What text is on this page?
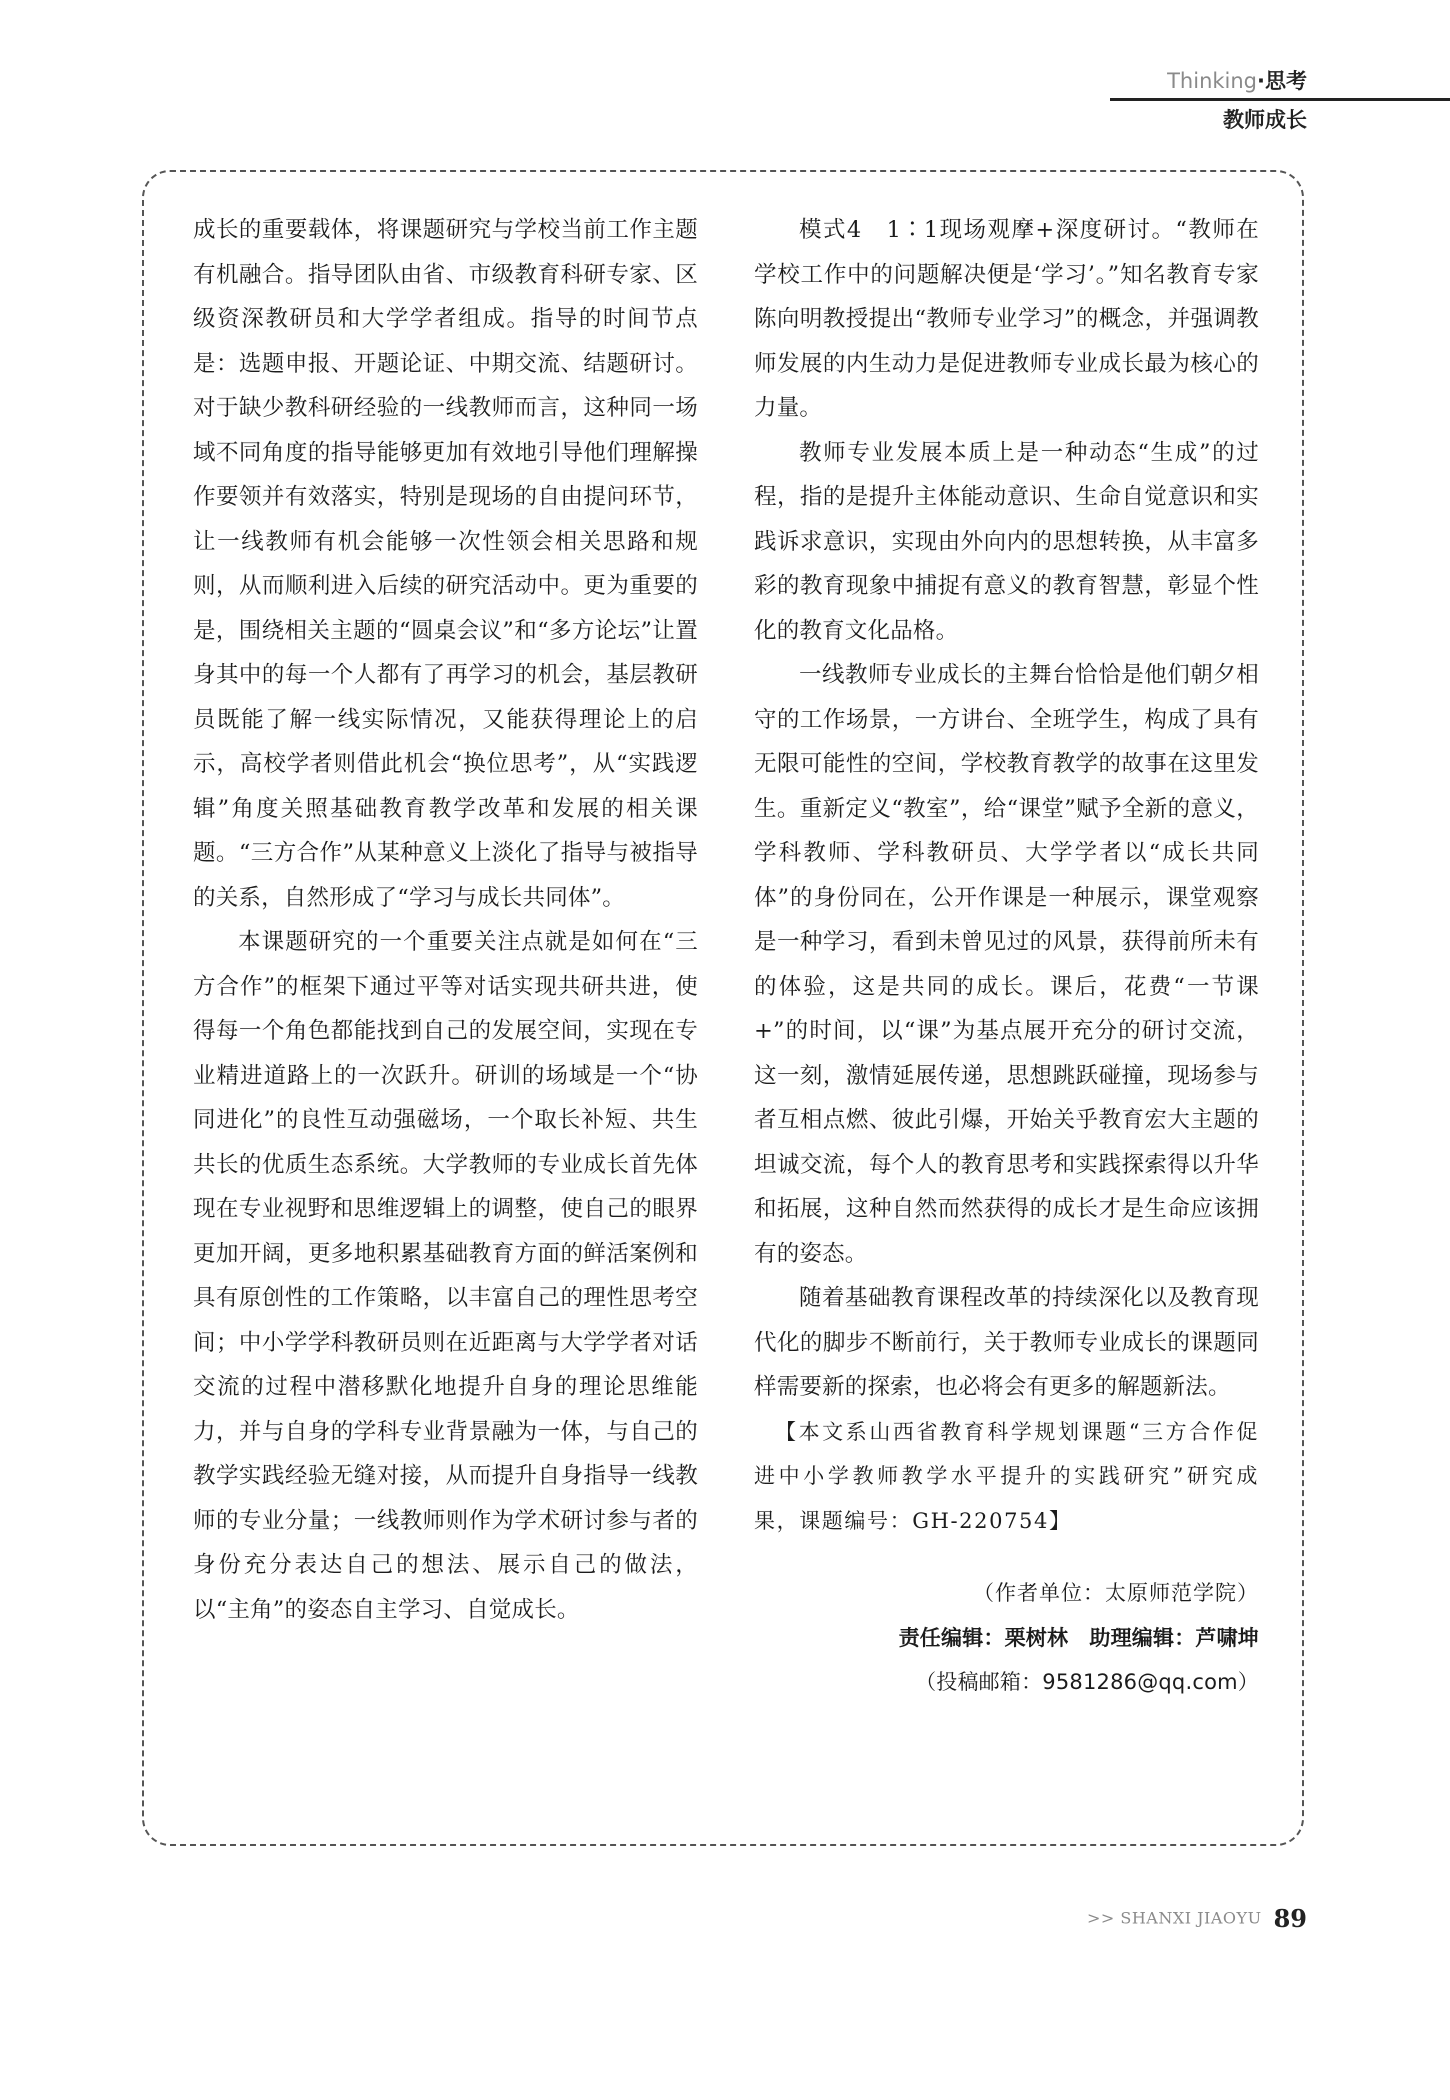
Thinking·思考
教师成长

成长的重要载体，将课题研究与学校当前工作主题有机融合。指导团队由省、市级教育科研专家、区级资深教研员和大学学者组成。指导的时间节点是：选题申报、开题论证、中期交流、结题研讨。对于缺少教科研经验的一线教师而言，这种同一场域不同角度的指导能够更加有效地引导他们理解操作要领并有效落实，特别是现场的自由提问环节，让一线教师有机会能够一次性领会相关思路和规则，从而顺利进入后续的研究活动中。更为重要的是，围绕相关主题的“圆桌会议”和“多方论坛”让置身其中的每一个人都有了再学习的机会，基层教研员既能了解一线实际情况，又能获得理论上的启示，高校学者则借此机会“换位思考”，从“实践逻辑”角度关照基础教育教学改革和发展的相关课题。“三方合作”从某种意义上淡化了指导与被指导的关系，自然形成了“学习与成长共同体”。

本课题研究的一个重要关注点就是如何在“三方合作”的框架下通过平等对话实现共研共进，使得每一个角色都能找到自己的发展空间，实现在专业精进道路上的一次跃升。研训的场域是一个“协同进化”的良性互动强磁场，一个取长补短、共生共长的优质生态系统。大学教师的专业成长首先体现在专业视野和思维逻辑上的调整，使自己的眼界更加开阔，更多地积累基础教育方面的鲜活案例和具有原创性的工作策略，以丰富自己的理性思考空间；中小学学科教研员则在近距离与大学学者对话交流的过程中潜移默化地提升自身的理论思维能力，并与自身的学科专业背景融为一体，与自己的教学实践经验无缝对接，从而提升自身指导一线教师的专业分量；一线教师则作为学术研讨参与者的身份充分表达自己的想法、展示自己的做法，以“主角”的姿态自主学习、自觉成长。

模式4　1∶1现场观摩+深度研讨。“教师在学校工作中的问题解决便是‘学习’。”知名教育专家陈向明教授提出“教师专业学习”的概念，并强调教师发展的内生动力是促进教师专业成长最为核心的力量。

教师专业发展本质上是一种动态“生成”的过程，指的是提升主体能动意识、生命自觉意识和实践诉求意识，实现由外向内的思想转换，从丰富多彩的教育现象中捕捉有意义的教育智慧，彰显个性化的教育文化品格。

一线教师专业成长的主舞台恰恰是他们朝夕相守的工作场景，一方讲台、全班学生，构成了具有无限可能性的空间，学校教育教学的故事在这里发生。重新定义“教室”，给“课堂”赋予全新的意义，学科教师、学科教研员、大学学者以“成长共同体”的身份同在，公开作课是一种展示，课堂观察是一种学习，看到未曾见过的风景，获得前所未有的体验，这是共同的成长。课后，花费“一节课+”的时间，以“课”为基点展开充分的研讨交流，这一刻，激情延展传递，思想跳跃碰撞，现场参与者互相点燃、彼此引爆，开始关乎教育宏大主题的坦诚交流，每个人的教育思考和实践探索得以升华和拓展，这种自然而然获得的成长才是生命应该拥有的姿态。

随着基础教育课程改革的持续深化以及教育现代化的脚步不断前行，关于教师专业成长的课题同样需要新的探索，也必将会有更多的解题新法。

【本文系山西省教育科学规划课题“三方合作促进中小学教师教学水平提升的实践研究”研究成果，课题编号：GH-220754】

（作者单位：太原师范学院）

责任编辑：栗树林　助理编辑：芦啸坤

（投稿邮箱：9581286@qq.com）

>> SHANXI JIAOYU 89
